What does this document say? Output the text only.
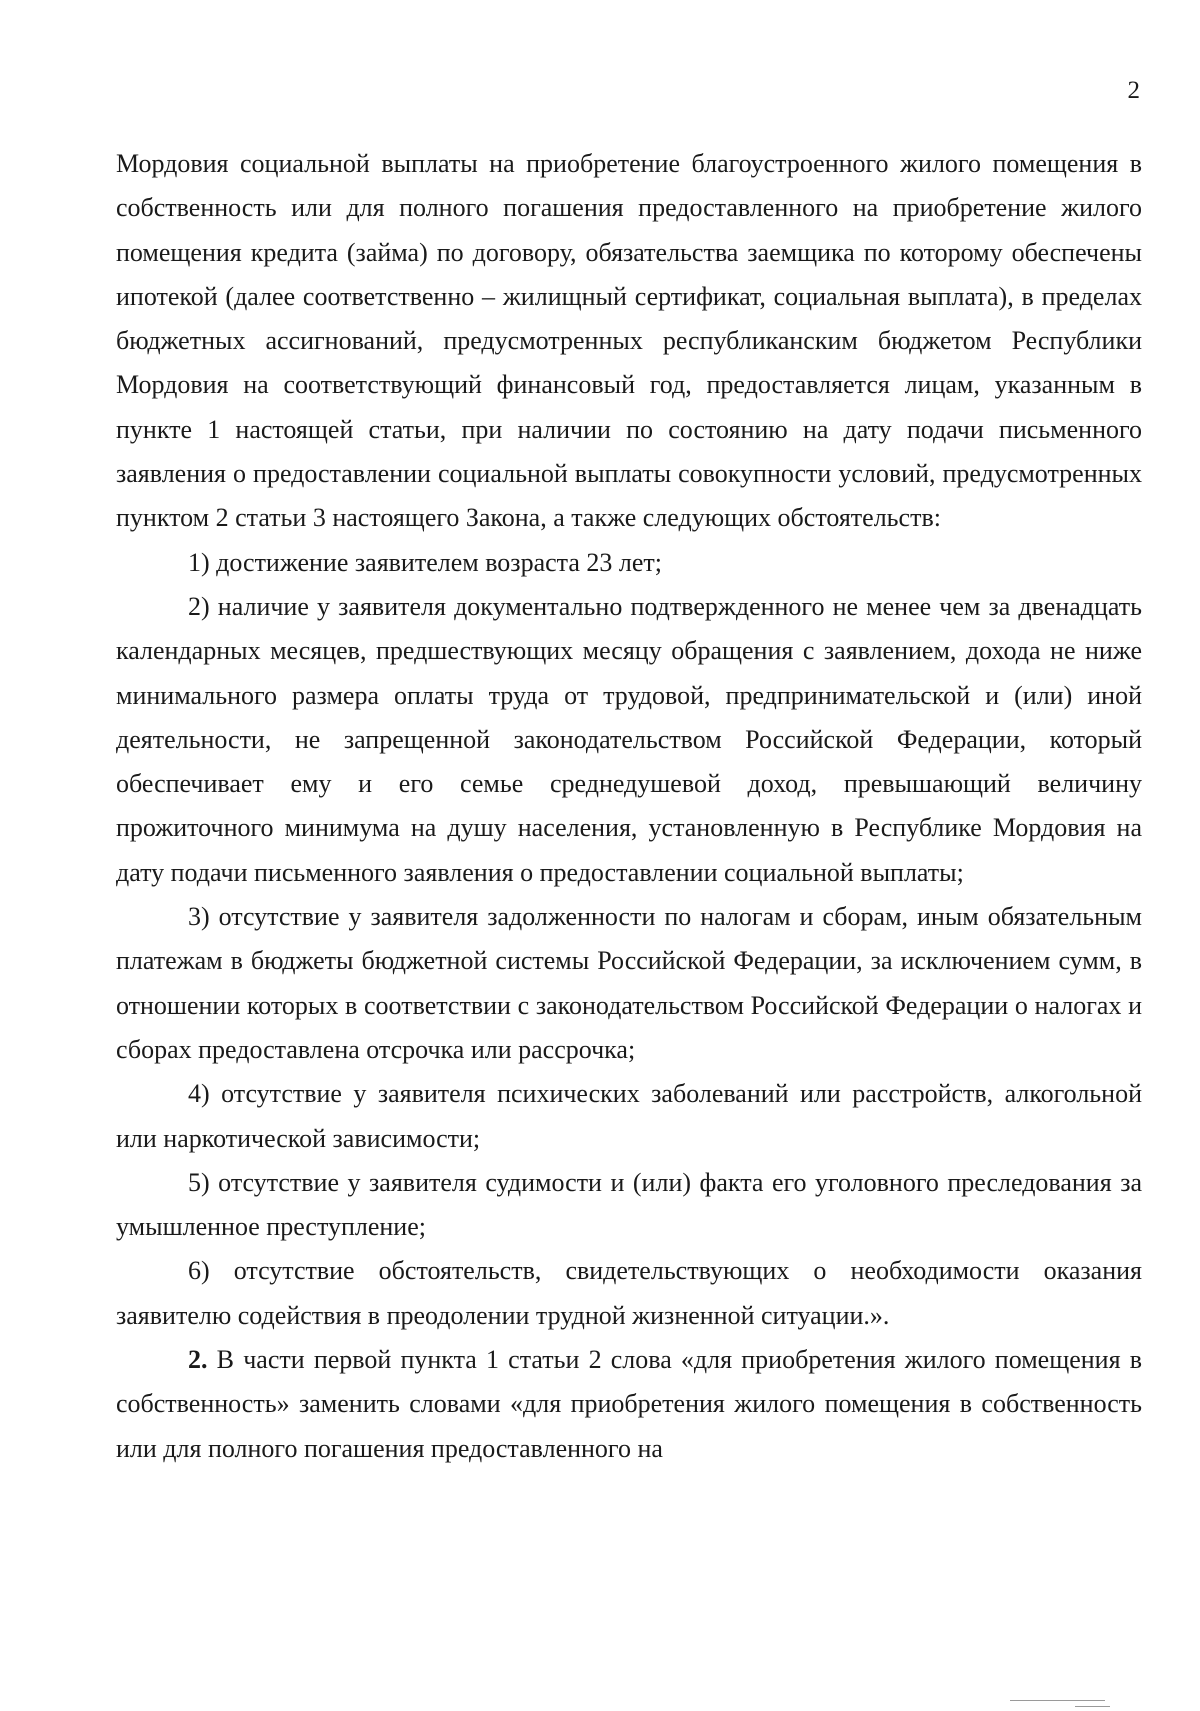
2

Мордовия социальной выплаты на приобретение благоустроенного жилого помещения в собственность или для полного погашения предоставленного на приобретение жилого помещения кредита (займа) по договору, обязательства заемщика по которому обеспечены ипотекой (далее соответственно – жилищный сертификат, социальная выплата), в пределах бюджетных ассигнований, предусмотренных республиканским бюджетом Республики Мордовия на соответствующий финансовый год, предоставляется лицам, указанным в пункте 1 настоящей статьи, при наличии по состоянию на дату подачи письменного заявления о предоставлении социальной выплаты совокупности условий, предусмотренных пунктом 2 статьи 3 настоящего Закона, а также следующих обстоятельств:

1) достижение заявителем возраста 23 лет;

2) наличие у заявителя документально подтвержденного не менее чем за двенадцать календарных месяцев, предшествующих месяцу обращения с заявлением, дохода не ниже минимального размера оплаты труда от трудовой, предпринимательской и (или) иной деятельности, не запрещенной законодательством Российской Федерации, который обеспечивает ему и его семье среднедушевой доход, превышающий величину прожиточного минимума на душу населения, установленную в Республике Мордовия на дату подачи письменного заявления о предоставлении социальной выплаты;

3) отсутствие у заявителя задолженности по налогам и сборам, иным обязательным платежам в бюджеты бюджетной системы Российской Федерации, за исключением сумм, в отношении которых в соответствии с законодательством Российской Федерации о налогах и сборах предоставлена отсрочка или рассрочка;

4) отсутствие у заявителя психических заболеваний или расстройств, алкогольной или наркотической зависимости;

5) отсутствие у заявителя судимости и (или) факта его уголовного преследования за умышленное преступление;

6) отсутствие обстоятельств, свидетельствующих о необходимости оказания заявителю содействия в преодолении трудной жизненной ситуации.».

2. В части первой пункта 1 статьи 2 слова «для приобретения жилого помещения в собственность» заменить словами «для приобретения жилого помещения в собственность или для полного погашения предоставленного на
